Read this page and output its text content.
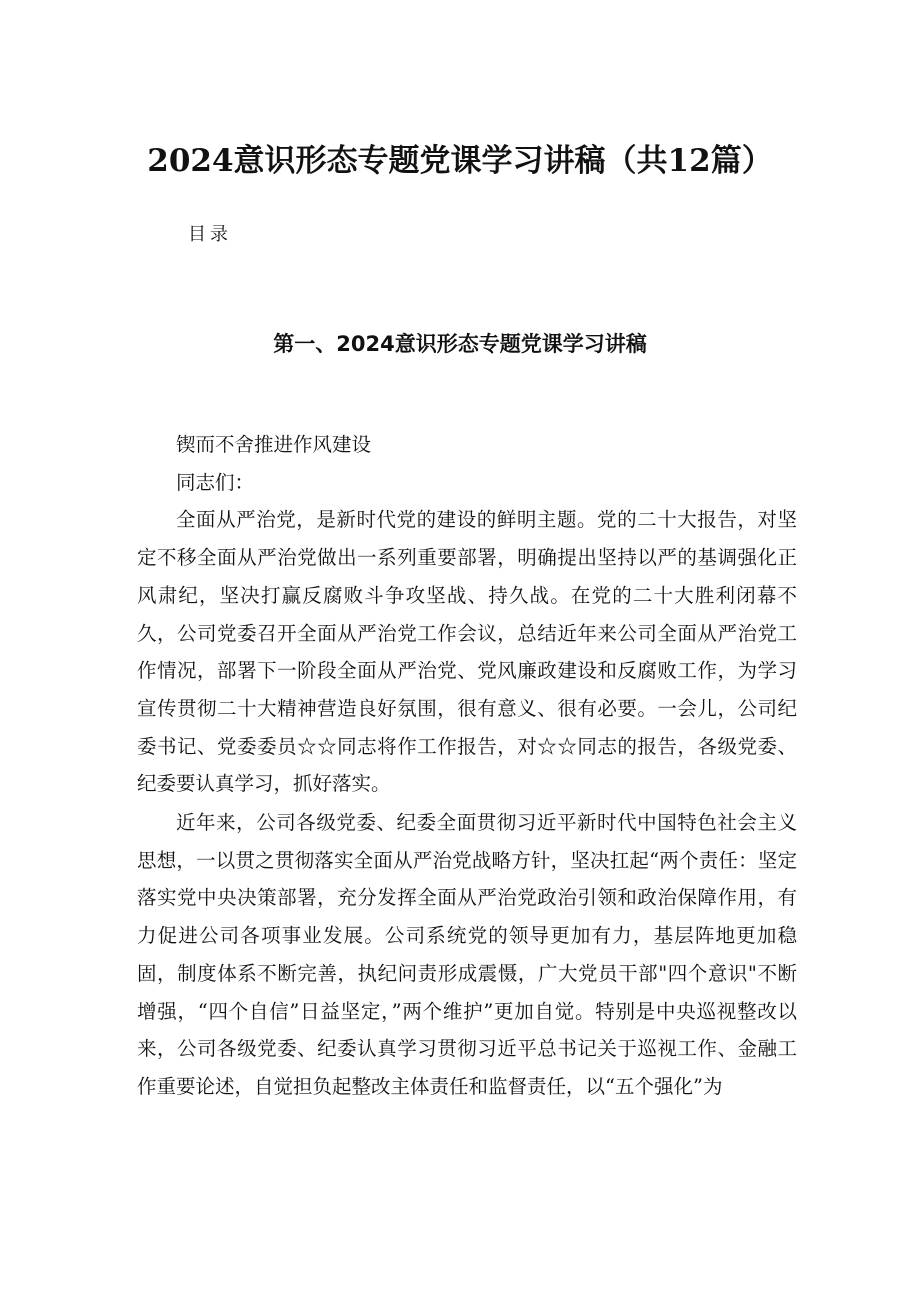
2024意识形态专题党课学习讲稿（共12篇）
目录
第一、2024意识形态专题党课学习讲稿

锲而不舍推进作风建设

同志们：

全面从严治党，是新时代党的建设的鲜明主题。党的二十大报告，对坚定不移全面从严治党做出一系列重要部署，明确提出坚持以严的基调强化正风肃纪，坚决打赢反腐败斗争攻坚战、持久战。在党的二十大胜利闭幕不久，公司党委召开全面从严治党工作会议，总结近年来公司全面从严治党工作情况，部署下一阶段全面从严治党、党风廉政建设和反腐败工作，为学习宣传贯彻二十大精神营造良好氛围，很有意义、很有必要。一会儿，公司纪委书记、党委委员☆☆同志将作工作报告，对☆☆同志的报告，各级党委、纪委要认真学习，抓好落实。

近年来，公司各级党委、纪委全面贯彻习近平新时代中国特色社会主义思想，一以贯之贯彻落实全面从严治党战略方针，坚决扛起“两个责任：坚定落实党中央决策部署，充分发挥全面从严治党政治引领和政治保障作用，有力促进公司各项事业发展。公司系统党的领导更加有力，基层阵地更加稳固，制度体系不断完善，执纪问责形成震慑，广大党员干部"四个意识"不断增强，“四个自信”日益坚定，”两个维护”更加自觉。特别是中央巡视整改以来，公司各级党委、纪委认真学习贯彻习近平总书记关于巡视工作、金融工作重要论述，自觉担负起整改主体责任和监督责任，以“五个强化”为
